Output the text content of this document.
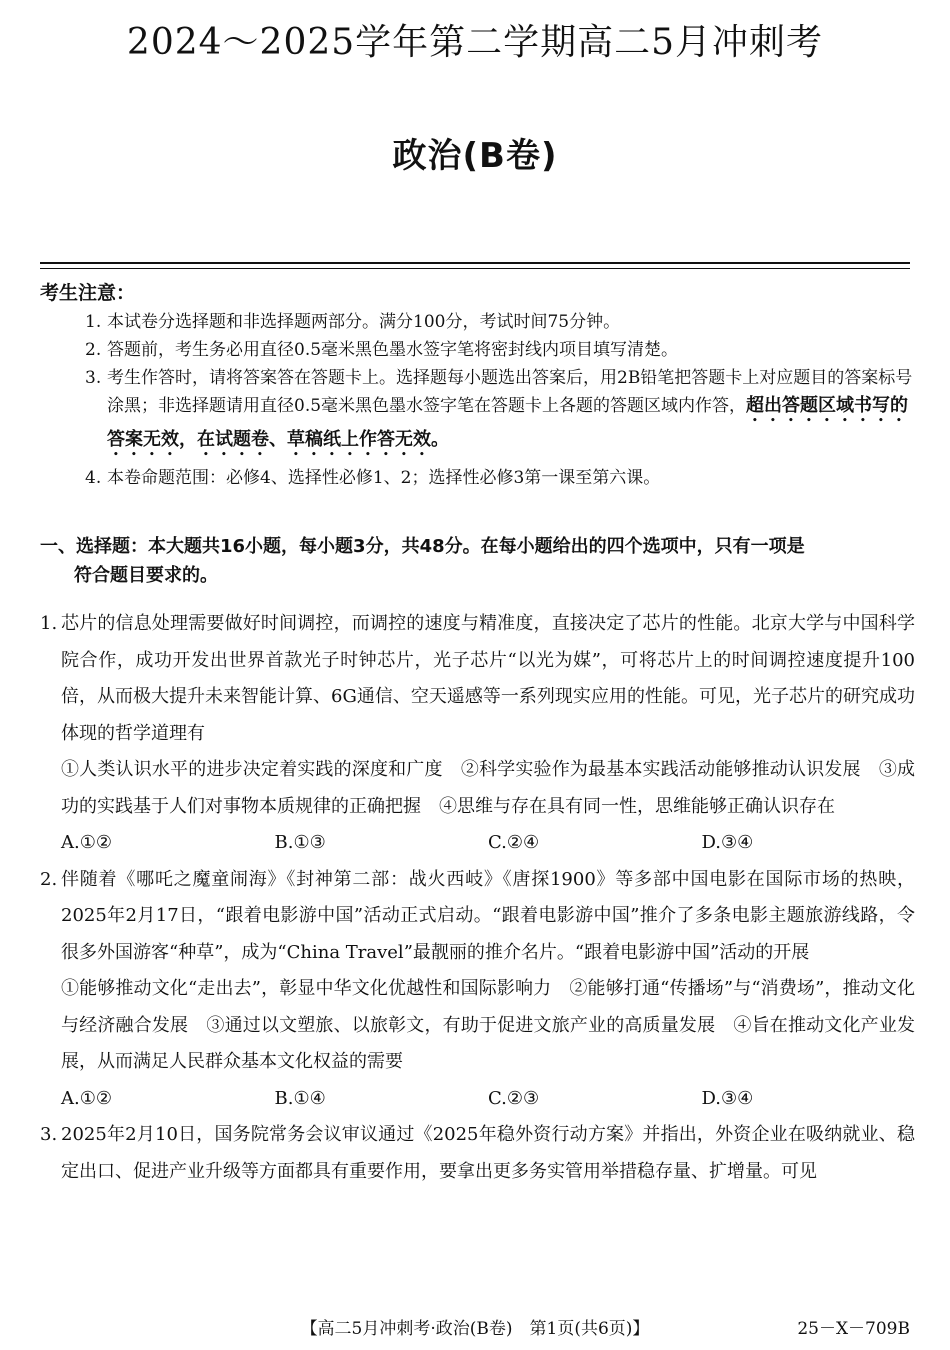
2024～2025学年第二学期高二5月冲刺考
政治(B卷)
考生注意：
1. 本试卷分选择题和非选择题两部分。满分100分，考试时间75分钟。
2. 答题前，考生务必用直径0.5毫米黑色墨水签字笔将密封线内项目填写清楚。
3. 考生作答时，请将答案答在答题卡上。选择题每小题选出答案后，用2B铅笔把答题卡上对应题目的答案标号涂黑；非选择题请用直径0.5毫米黑色墨水签字笔在答题卡上各题的答题区域内作答，超出答题区域书写的答案无效，在试题卷、草稿纸上作答无效。
4. 本卷命题范围：必修4、选择性必修1、2；选择性必修3第一课至第六课。
一、选择题：本大题共16小题，每小题3分，共48分。在每小题给出的四个选项中，只有一项是
符合题目要求的。
1. 芯片的信息处理需要做好时间调控，而调控的速度与精准度，直接决定了芯片的性能。北京大学与中国科学院合作，成功开发出世界首款光子时钟芯片，光子芯片“以光为媒”，可将芯片上的时间调控速度提升100倍，从而极大提升未来智能计算、6G通信、空天遥感等一系列现实应用的性能。可见，光子芯片的研究成功体现的哲学道理有
①人类认识水平的进步决定着实践的深度和广度　②科学实验作为最基本实践活动能够推动认识发展　③成功的实践基于人们对事物本质规律的正确把握　④思维与存在具有同一性，思维能够正确认识存在
A.①②	B.①③	C.②④	D.③④
2. 伴随着《哪吒之魔童闹海》《封神第二部：战火西岐》《唐探1900》等多部中国电影在国际市场的热映，2025年2月17日，“跟着电影游中国”活动正式启动。“跟着电影游中国”推介了多条电影主题旅游线路，令很多外国游客“种草”，成为“China Travel”最靓丽的推介名片。“跟着电影游中国”活动的开展
①能够推动文化“走出去”，彰显中华文化优越性和国际影响力　②能够打通“传播场”与“消费场”，推动文化与经济融合发展　③通过以文塑旅、以旅彰文，有助于促进文旅产业的高质量发展　④旨在推动文化产业发展，从而满足人民群众基本文化权益的需要
A.①②	B.①④	C.②③	D.③④
3. 2025年2月10日，国务院常务会议审议通过《2025年稳外资行动方案》并指出，外资企业在吸纳就业、稳定出口、促进产业升级等方面都具有重要作用，要拿出更多务实管用举措稳存量、扩增量。可见
【高二5月冲刺考·政治(B卷)　第1页(共6页)】	25－X－709B
